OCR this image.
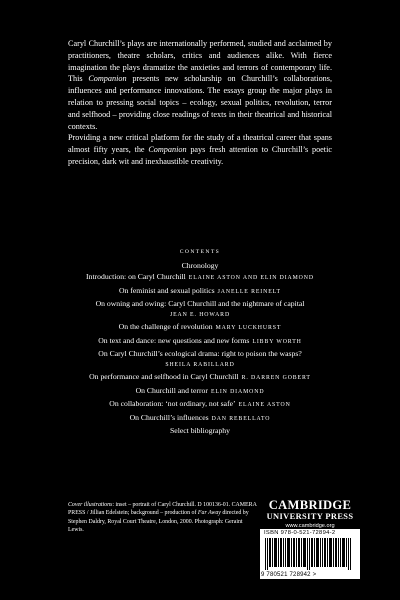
Caryl Churchill’s plays are internationally performed, studied and acclaimed by practitioners, theatre scholars, critics and audiences alike. With fierce imagination the plays dramatize the anxieties and terrors of contemporary life. This Companion presents new scholarship on Churchill’s collaborations, influences and performance innovations. The essays group the major plays in relation to pressing social topics – ecology, sexual politics, revolution, terror and selfhood – providing close readings of texts in their theatrical and historical contexts.

Providing a new critical platform for the study of a theatrical career that spans almost fifty years, the Companion pays fresh attention to Churchill’s poetic precision, dark wit and inexhaustible creativity.

CONTENTS
Chronology
Introduction: on Caryl Churchill ELAINE ASTON AND ELIN DIAMOND
On feminist and sexual politics JANELLE REINELT
On owning and owing: Caryl Churchill and the nightmare of capital
JEAN E. HOWARD
On the challenge of revolution MARY LUCKHURST
On text and dance: new questions and new forms LIBBY WORTH
On Caryl Churchill’s ecological drama: right to poison the wasps?
SHEILA RABILLARD
On performance and selfhood in Caryl Churchill R. DARREN GOBERT
On Churchill and terror ELIN DIAMOND
On collaboration: ‘not ordinary, not safe’ ELAINE ASTON
On Churchill’s influences DAN REBELLATO
Select bibliography
Cover illustrations: inset – portrait of Caryl Churchill. D 100136-01. CAMERA PRESS / Jillian Edelstein; background – production of Far Away directed by Stephen Daldry, Royal Court Theatre, London, 2000. Photograph: Geraint Lewis.
CAMBRIDGE
UNIVERSITY PRESS
www.cambridge.org
ISBN 978-0-521-72894-2
9 780521 728942 >
